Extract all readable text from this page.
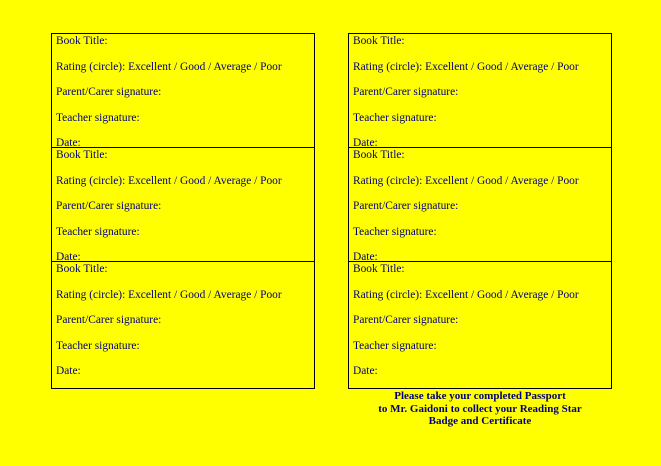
Book Title:
Rating (circle): Excellent / Good / Average / Poor
Parent/Carer signature:
Teacher signature:
Date:
Book Title:
Rating (circle): Excellent / Good / Average / Poor
Parent/Carer signature:
Teacher signature:
Date:
Book Title:
Rating (circle): Excellent / Good / Average / Poor
Parent/Carer signature:
Teacher signature:
Date:
Book Title:
Rating (circle): Excellent / Good / Average / Poor
Parent/Carer signature:
Teacher signature:
Date:
Book Title:
Rating (circle): Excellent / Good / Average / Poor
Parent/Carer signature:
Teacher signature:
Date:
Book Title:
Rating (circle): Excellent / Good / Average / Poor
Parent/Carer signature:
Teacher signature:
Date:
Please take your completed Passport
to Mr. Gaidoni to collect your Reading Star
Badge and Certificate
